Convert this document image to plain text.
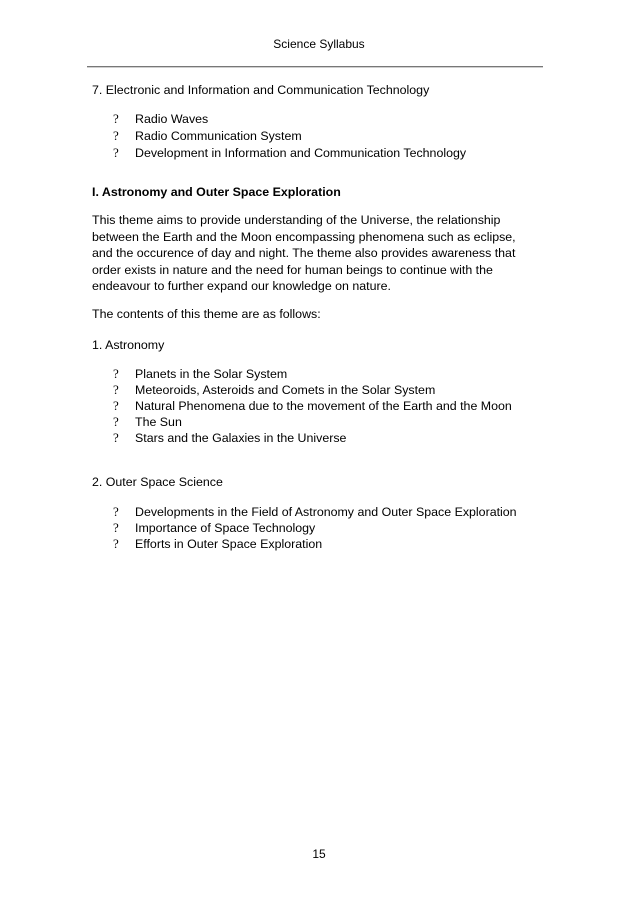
Science Syllabus
7. Electronic and Information and Communication Technology
? Radio Waves
? Radio Communication System
? Development in Information and Communication Technology
I. Astronomy and Outer Space Exploration
This theme aims to provide understanding of the Universe, the relationship
between the Earth and the Moon encompassing phenomena such as eclipse,
and the occurence of day and night. The theme also provides awareness that
order exists in nature and the need for human beings to continue with the
endeavour to further expand our knowledge on nature.
The contents of this theme are as follows:
1. Astronomy
? Planets in the Solar System
? Meteoroids, Asteroids and Comets in the Solar System
? Natural Phenomena due to the movement of the Earth and the Moon
? The Sun
? Stars and the Galaxies in the Universe
2. Outer Space Science
? Developments in the Field of Astronomy and Outer Space Exploration
? Importance of Space Technology
? Efforts in Outer Space Exploration
15
